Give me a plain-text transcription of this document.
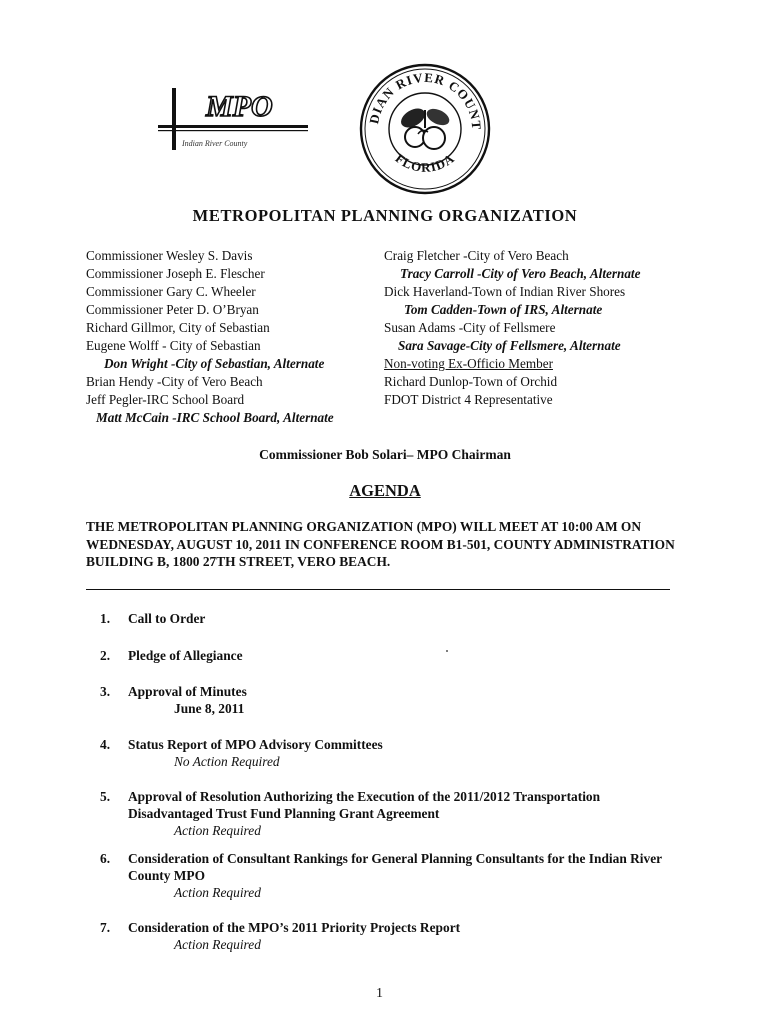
MPO
Indian River County
DIAN RIVER COUNT
FLORIDA
METROPOLITAN PLANNING ORGANIZATION
Commissioner Wesley S. Davis
Commissioner Joseph E. Flescher
Commissioner Gary C. Wheeler
Commissioner Peter D. O’Bryan
Richard Gillmor, City of Sebastian
Eugene Wolff - City of Sebastian
Don Wright -City of Sebastian, Alternate
Brian Hendy -City of Vero Beach
Jeff Pegler-IRC School Board
Matt McCain -IRC School Board, Alternate
Craig Fletcher -City of Vero Beach
Tracy Carroll -City of Vero Beach, Alternate
Dick Haverland-Town of Indian River Shores
Tom Cadden-Town of IRS, Alternate
Susan Adams -City of Fellsmere
Sara Savage-City of Fellsmere, Alternate
Non-voting Ex-Officio Member
Richard Dunlop-Town of Orchid
FDOT District 4 Representative
Commissioner Bob Solari– MPO Chairman
AGENDA
THE METROPOLITAN PLANNING ORGANIZATION (MPO) WILL MEET AT 10:00 AM ON WEDNESDAY, AUGUST 10, 2011 IN CONFERENCE ROOM B1-501, COUNTY ADMINISTRATION BUILDING B, 1800 27TH STREET, VERO BEACH.
1.	Call to Order
2.	Pledge of Allegiance
3.	Approval of Minutes
June 8, 2011
4.	Status Report of MPO Advisory Committees
No Action Required
5.	Approval of Resolution Authorizing the Execution of the 2011/2012 Transportation Disadvantaged Trust Fund Planning Grant Agreement
Action Required
6.	Consideration of Consultant Rankings for General Planning Consultants for the Indian River County MPO
Action Required
7.	Consideration of the MPO’s 2011 Priority Projects Report
Action Required
1
